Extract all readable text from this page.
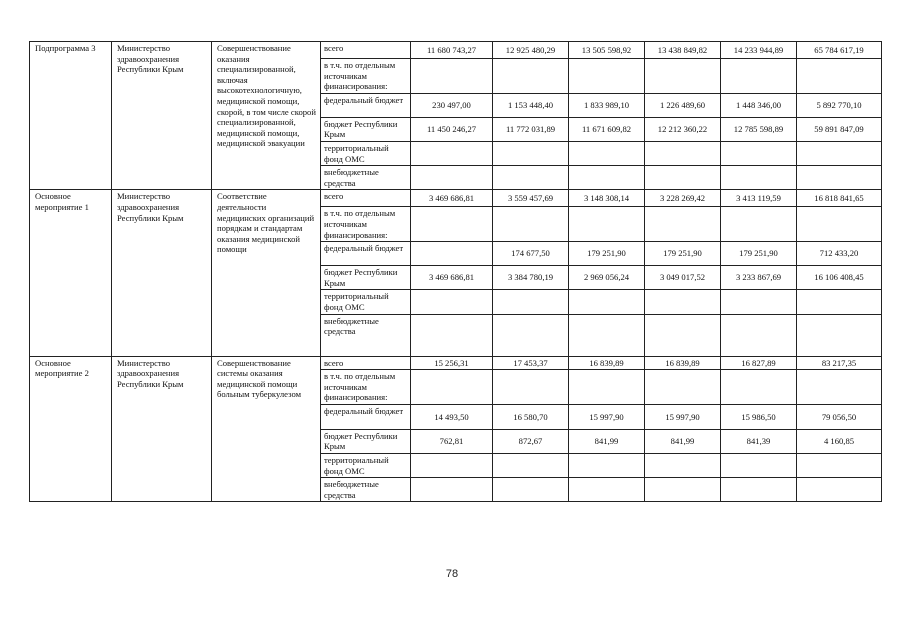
Подпрограмма 3	Министерство здравоохранения Республики Крым	Совершенствование оказания специализированной, включая высокотехнологичную, медицинской помощи, скорой, в том числе скорой специализированной, медицинской помощи, медицинской эвакуации	всего	11 680 743,27	12 925 480,29	13 505 598,92	13 438 849,82	14 233 944,89	65 784 617,19
			в т.ч. по отдельным источникам финансирования:						
			федеральный бюджет	230 497,00	1 153 448,40	1 833 989,10	1 226 489,60	1 448 346,00	5 892 770,10
			бюджет Республики Крым	11 450 246,27	11 772 031,89	11 671 609,82	12 212 360,22	12 785 598,89	59 891 847,09
			территориальный фонд ОМС						
			внебюджетные средства						
Основное мероприятие 1	Министерство здравоохранения Республики Крым	Соответствие деятельности медицинских организаций порядкам и стандартам оказания медицинской помощи	всего	3 469 686,81	3 559 457,69	3 148 308,14	3 228 269,42	3 413 119,59	16 818 841,65
			в т.ч. по отдельным источникам финансирования:						
			федеральный бюджет		174 677,50	179 251,90	179 251,90	179 251,90	712 433,20
			бюджет Республики Крым	3 469 686,81	3 384 780,19	2 969 056,24	3 049 017,52	3 233 867,69	16 106 408,45
			территориальный фонд ОМС						
			внебюджетные средства						
Основное мероприятие 2	Министерство здравоохранения Республики Крым	Совершенствование системы оказания медицинской помощи больным туберкулезом	всего	15 256,31	17 453,37	16 839,89	16 839,89	16 827,89	83 217,35
			в т.ч. по отдельным источникам финансирования:						
			федеральный бюджет	14 493,50	16 580,70	15 997,90	15 997,90	15 986,50	79 056,50
			бюджет Республики Крым	762,81	872,67	841,99	841,99	841,39	4 160,85
			территориальный фонд ОМС						
			внебюджетные средства						
78
